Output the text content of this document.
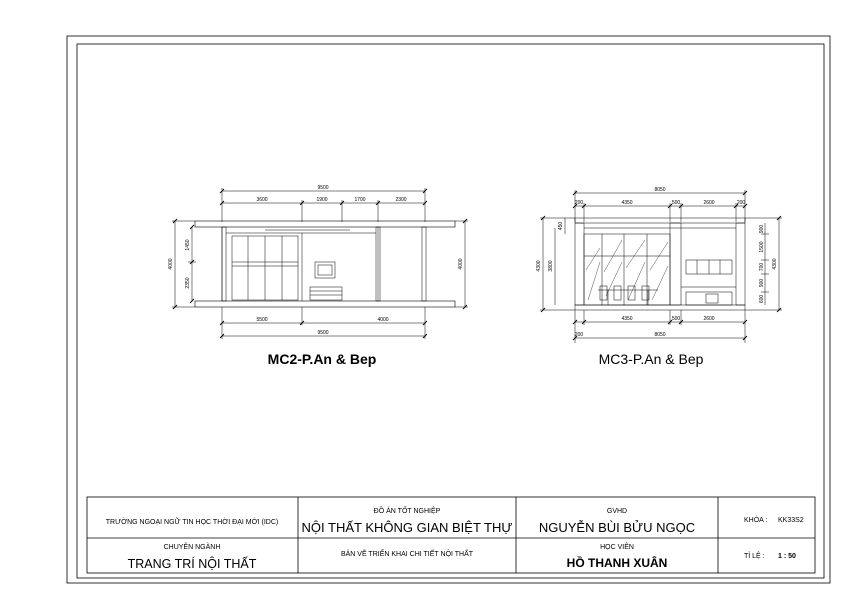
9500
3600	1900	1700	2300
5500	4000
9500
4000
1450
2350
4000
8050
200	4350	500	2600	200
200
4350	500	2600
8050
450
3800
4300
900
1500
700
900
600
4300
MC2-P.An & Bep	MC3-P.An & Bep
TRƯỜNG NGOẠI NGỮ TIN HỌC THỜI ĐẠI MỚI (IDC)
CHUYÊN NGÀNH
TRANG TRÍ NỘI THẤT
ĐỒ ÁN TỐT NGHIỆP
NỘI THẤT KHÔNG GIAN BIỆT THỰ
BẢN VẼ TRIỂN KHAI CHI TIẾT NỘI THẤT
GVHD
NGUYỄN BÙI BỬU NGỌC
HỌC VIÊN
HỒ THANH XUÂN
KHÓA : KK33S2
TỈ LỆ : 1 : 50
